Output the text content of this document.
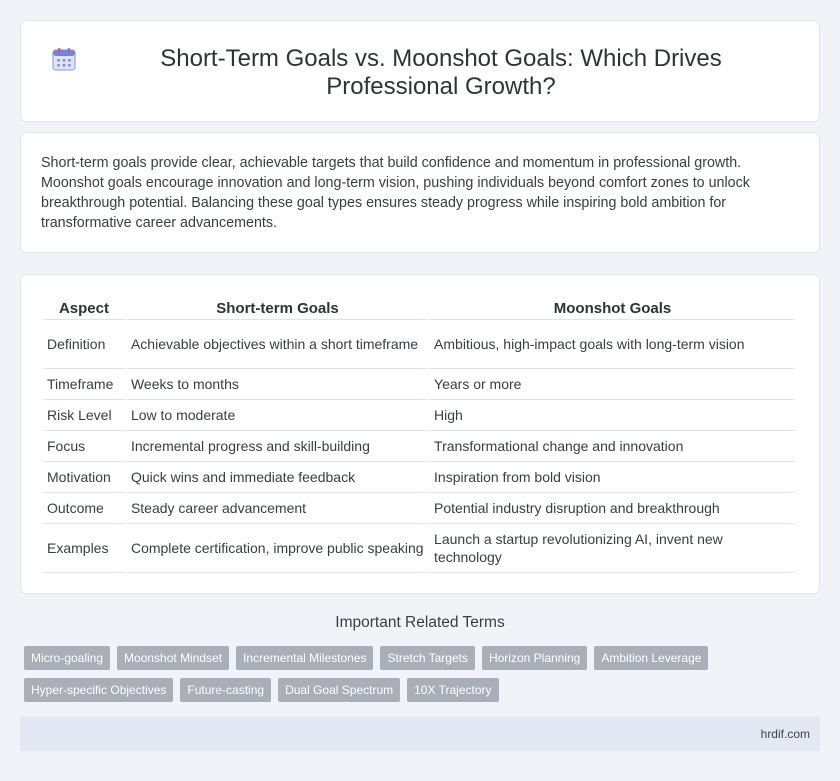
Short-Term Goals vs. Moonshot Goals: Which Drives Professional Growth?

Short-term goals provide clear, achievable targets that build confidence and momentum in professional growth. Moonshot goals encourage innovation and long-term vision, pushing individuals beyond comfort zones to unlock breakthrough potential. Balancing these goal types ensures steady progress while inspiring bold ambition for transformative career advancements.

Aspect	Short-term Goals	Moonshot Goals
Definition	Achievable objectives within a short timeframe	Ambitious, high-impact goals with long-term vision
Timeframe	Weeks to months	Years or more
Risk Level	Low to moderate	High
Focus	Incremental progress and skill-building	Transformational change and innovation
Motivation	Quick wins and immediate feedback	Inspiration from bold vision
Outcome	Steady career advancement	Potential industry disruption and breakthrough
Examples	Complete certification, improve public speaking	Launch a startup revolutionizing AI, invent new technology
Important Related Terms
Micro-goaling	Moonshot Mindset	Incremental Milestones	Stretch Targets	Horizon Planning	Ambition Leverage
Hyper-specific Objectives	Future-casting	Dual Goal Spectrum	10X Trajectory
hrdif.com
